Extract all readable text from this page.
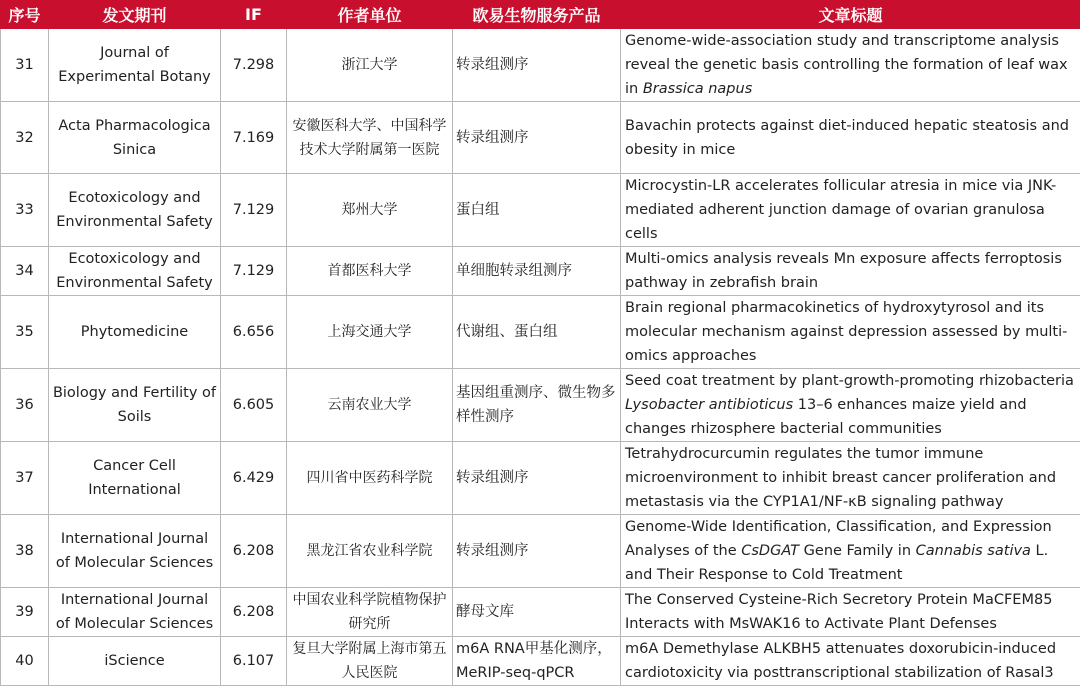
序号	发文期刊	IF	作者单位	欧易生物服务产品	文章标题
31	Journal of Experimental Botany	7.298	浙江大学	转录组测序	Genome-wide-association study and transcriptome analysis reveal the genetic basis controlling the formation of leaf wax in Brassica napus
32	Acta Pharmacologica Sinica	7.169	安徽医科大学、中国科学技术大学附属第一医院	转录组测序	Bavachin protects against diet-induced hepatic steatosis and obesity in mice
33	Ecotoxicology and Environmental Safety	7.129	郑州大学	蛋白组	Microcystin-LR accelerates follicular atresia in mice via JNK-mediated adherent junction damage of ovarian granulosa cells
34	Ecotoxicology and Environmental Safety	7.129	首都医科大学	单细胞转录组测序	Multi-omics analysis reveals Mn exposure affects ferroptosis pathway in zebrafish brain
35	Phytomedicine	6.656	上海交通大学	代谢组、蛋白组	Brain regional pharmacokinetics of hydroxytyrosol and its molecular mechanism against depression assessed by multi-omics approaches
36	Biology and Fertility of Soils	6.605	云南农业大学	基因组重测序、微生物多样性测序	Seed coat treatment by plant-growth-promoting rhizobacteria Lysobacter antibioticus 13–6 enhances maize yield and changes rhizosphere bacterial communities
37	Cancer Cell International	6.429	四川省中医药科学院	转录组测序	Tetrahydrocurcumin regulates the tumor immune microenvironment to inhibit breast cancer proliferation and metastasis via the CYP1A1/NF-κB signaling pathway
38	International Journal of Molecular Sciences	6.208	黑龙江省农业科学院	转录组测序	Genome-Wide Identification, Classification, and Expression Analyses of the CsDGAT Gene Family in Cannabis sativa L. and Their Response to Cold Treatment
39	International Journal of Molecular Sciences	6.208	中国农业科学院植物保护研究所	酵母文库	The Conserved Cysteine-Rich Secretory Protein MaCFEM85 Interacts with MsWAK16 to Activate Plant Defenses
40	iScience	6.107	复旦大学附属上海市第五人民医院	m6A RNA甲基化测序，MeRIP-seq-qPCR	m6A Demethylase ALKBH5 attenuates doxorubicin-induced cardiotoxicity via posttranscriptional stabilization of Rasal3
